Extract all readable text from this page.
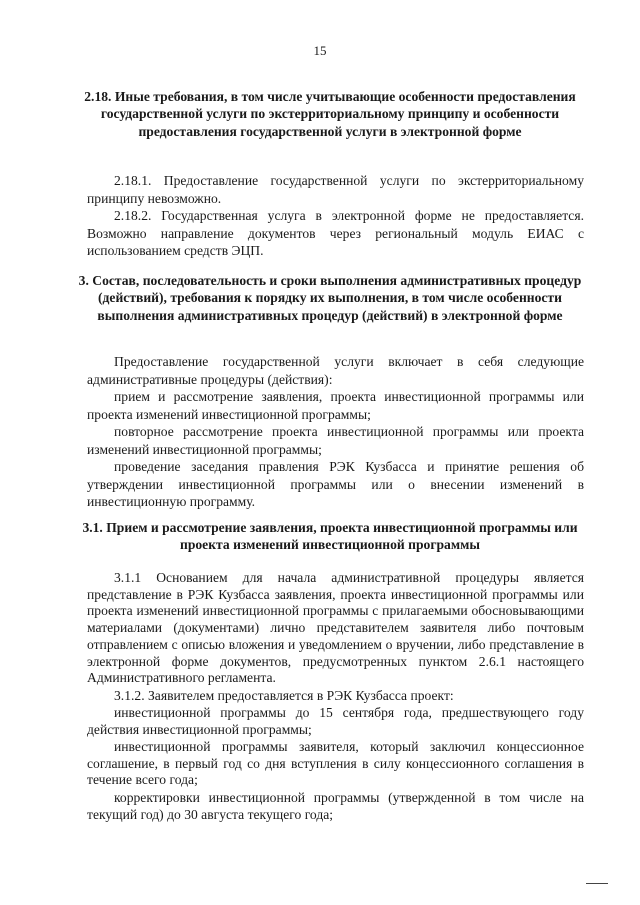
15
2.18. Иные требования, в том числе учитывающие особенности предоставления государственной услуги по экстерриториальному принципу и особенности предоставления государственной услуги в электронной форме
2.18.1. Предоставление государственной услуги по экстерриториальному принципу невозможно.
2.18.2. Государственная услуга в электронной форме не предоставляется. Возможно направление документов через региональный модуль ЕИАС с использованием средств ЭЦП.
3. Состав, последовательность и сроки выполнения административных процедур (действий), требования к порядку их выполнения, в том числе особенности выполнения административных процедур (действий) в электронной форме
Предоставление государственной услуги включает в себя следующие административные процедуры (действия):
прием и рассмотрение заявления, проекта инвестиционной программы или проекта изменений инвестиционной программы;
повторное рассмотрение проекта инвестиционной программы или проекта изменений инвестиционной программы;
проведение заседания правления РЭК Кузбасса и принятие решения об утверждении инвестиционной программы или о внесении изменений в инвестиционную программу.
3.1. Прием и рассмотрение заявления, проекта инвестиционной программы или проекта изменений инвестиционной программы
3.1.1 Основанием для начала административной процедуры является представление в РЭК Кузбасса заявления, проекта инвестиционной программы или проекта изменений инвестиционной программы с прилагаемыми обосновывающими материалами (документами) лично представителем заявителя либо почтовым отправлением с описью вложения и уведомлением о вручении, либо представление в электронной форме документов, предусмотренных пунктом 2.6.1 настоящего Административного регламента.
3.1.2. Заявителем предоставляется в РЭК Кузбасса проект:
инвестиционной программы до 15 сентября года, предшествующего году действия инвестиционной программы;
инвестиционной программы заявителя, который заключил концессионное соглашение, в первый год со дня вступления в силу концессионного соглашения в течение всего года;
корректировки инвестиционной программы (утвержденной в том числе на текущий год) до 30 августа текущего года;
